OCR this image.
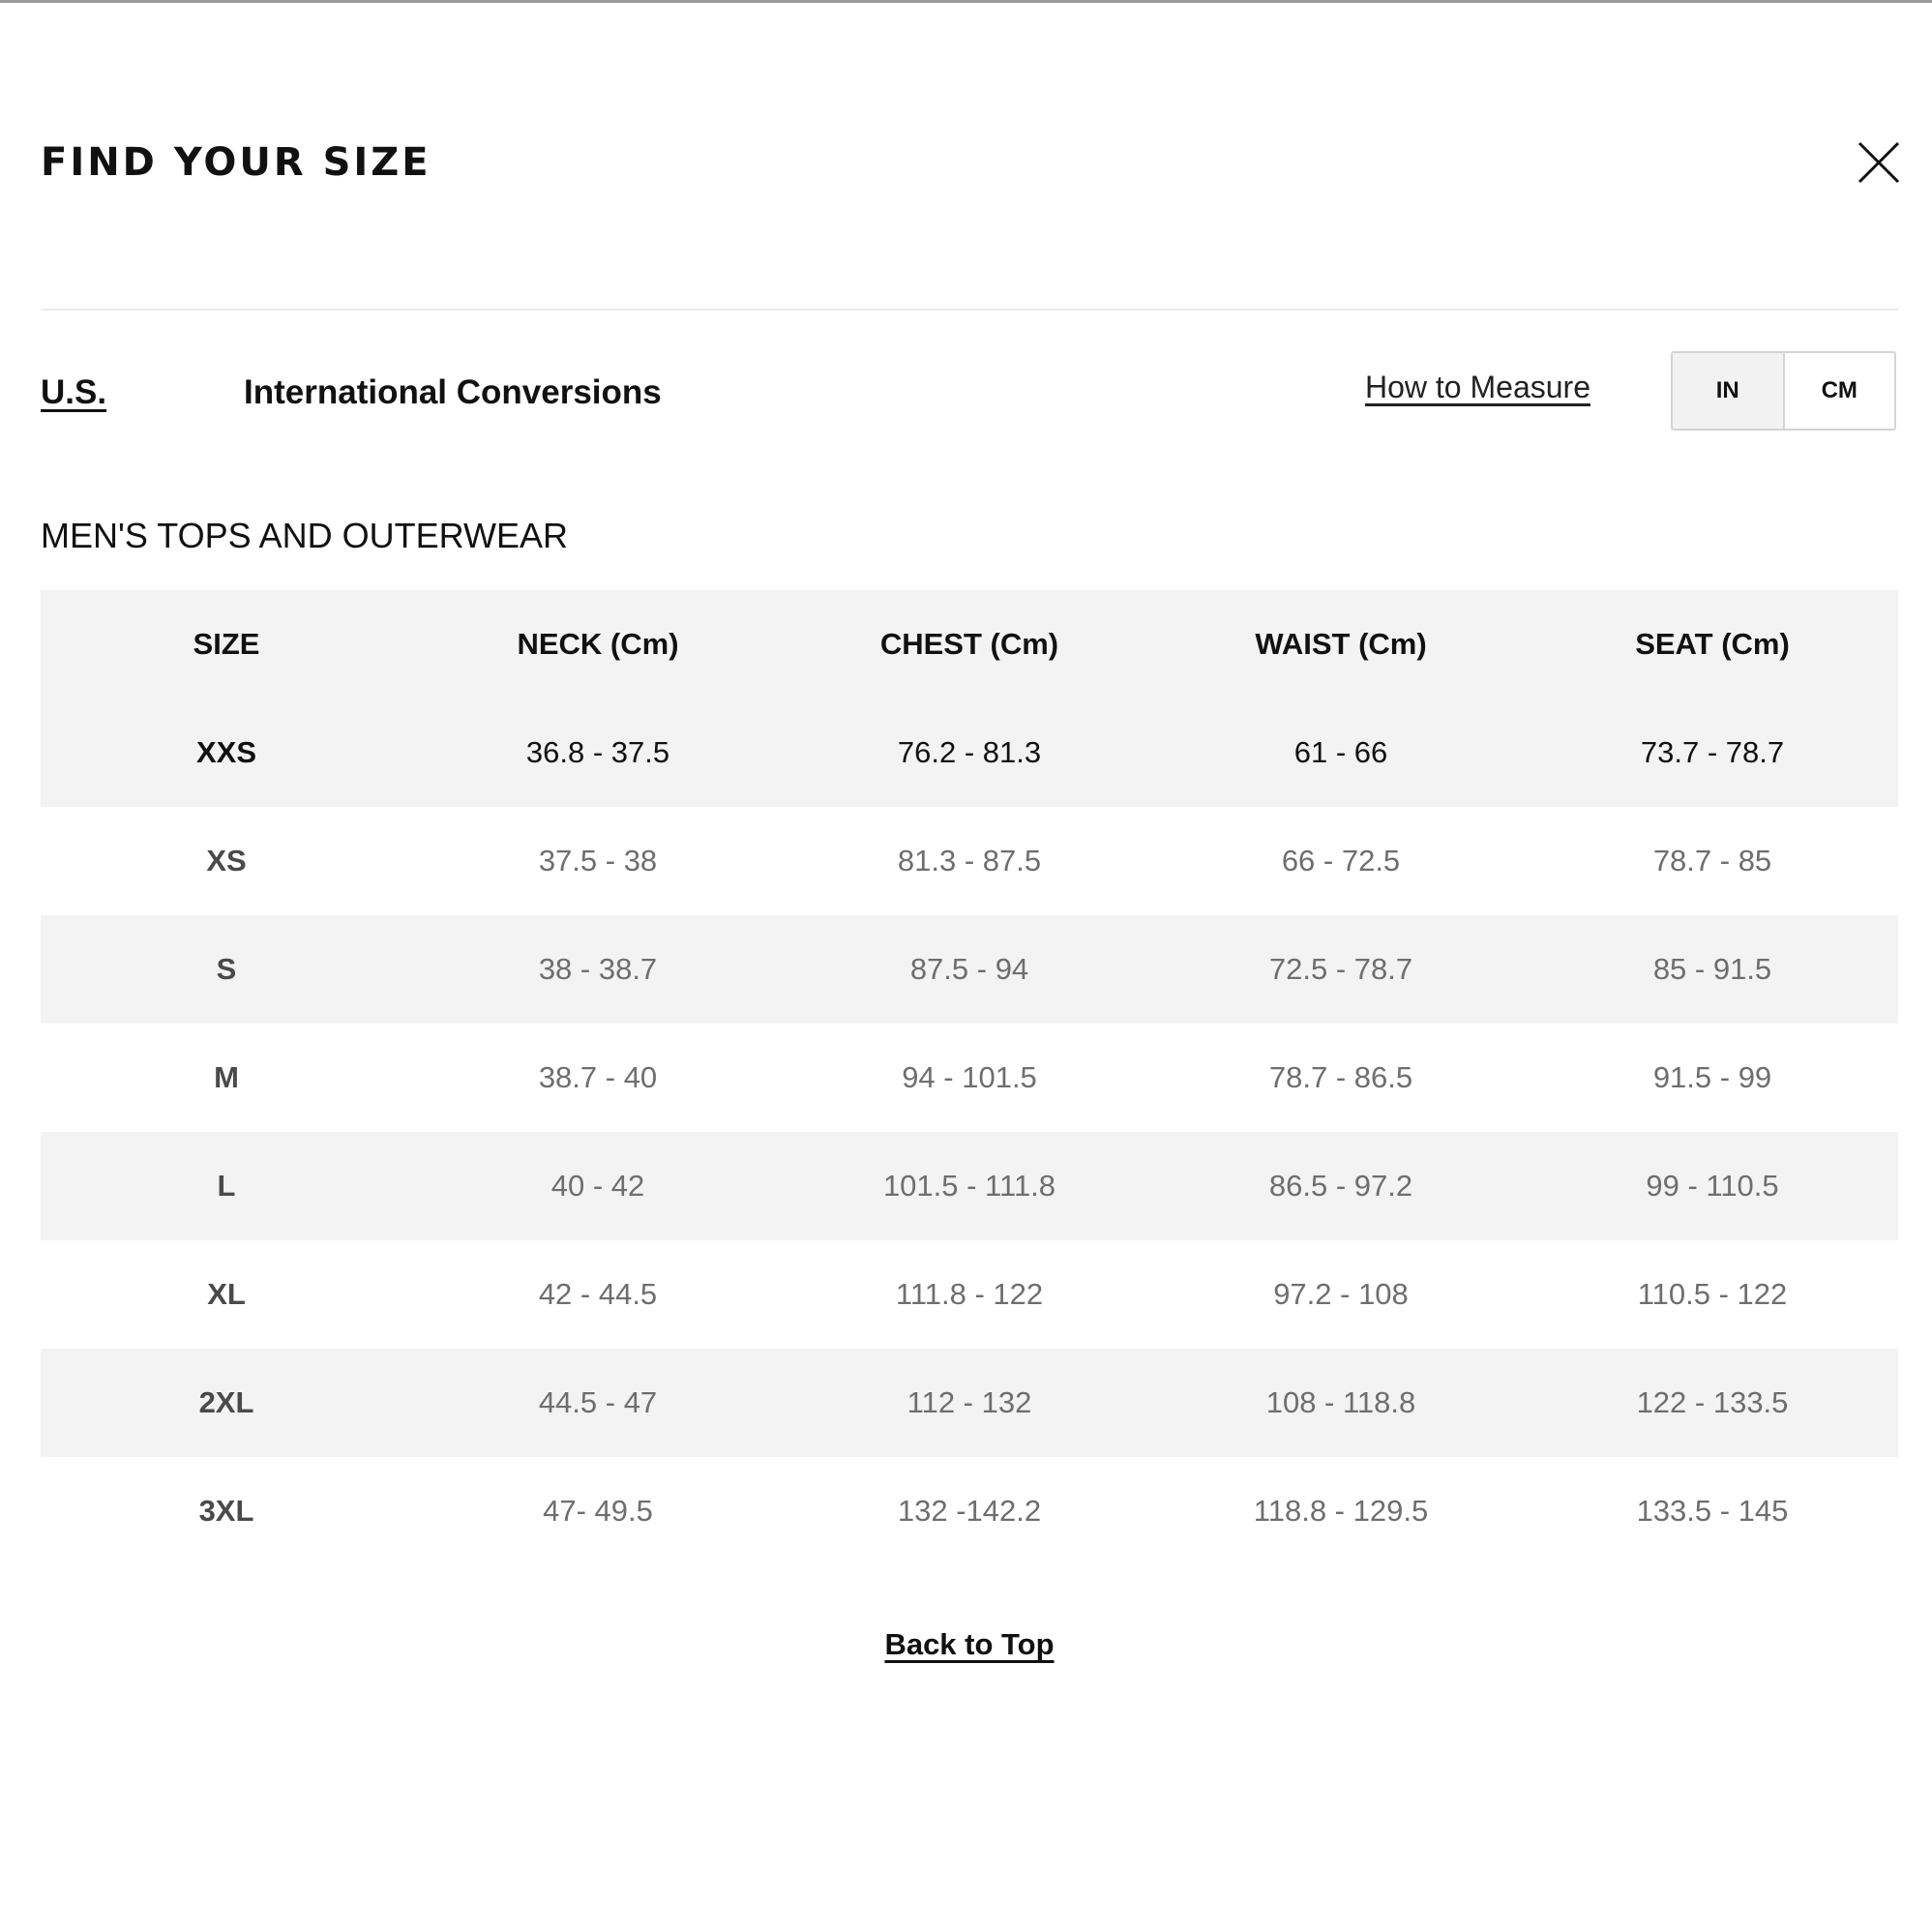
FIND YOUR SIZE
U.S.	International Conversions	How to Measure	IN	CM
MEN'S TOPS AND OUTERWEAR
SIZE	NECK (Cm)	CHEST (Cm)	WAIST (Cm)	SEAT (Cm)
XXS	36.8 - 37.5	76.2 - 81.3	61 - 66	73.7 - 78.7
XS	37.5 - 38	81.3 - 87.5	66 - 72.5	78.7 - 85
S	38 - 38.7	87.5 - 94	72.5 - 78.7	85 - 91.5
M	38.7 - 40	94 - 101.5	78.7 - 86.5	91.5 - 99
L	40 - 42	101.5 - 111.8	86.5 - 97.2	99 - 110.5
XL	42 - 44.5	111.8 - 122	97.2 - 108	110.5 - 122
2XL	44.5 - 47	112 - 132	108 - 118.8	122 - 133.5
3XL	47- 49.5	132 -142.2	118.8 - 129.5	133.5 - 145
Back to Top
